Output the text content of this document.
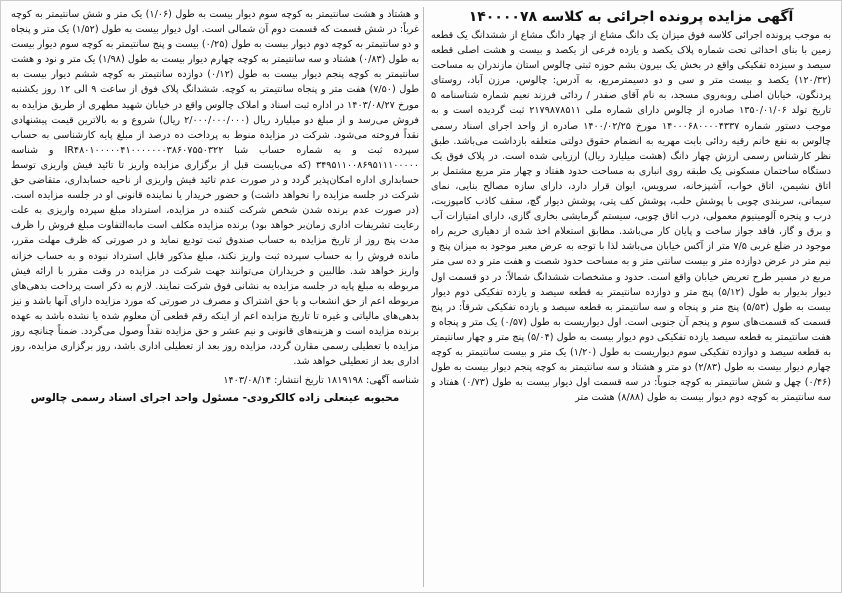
آگهی مزایده پرونده اجرائی به کلاسه ۱۴۰۰۰۰۷۸

به موجب پرونده اجرائی کلاسه فوق میزان یک دانگ مشاع از چهار دانگ مشاع از ششدانگ یک قطعه زمین با بنای احداثی تحت شماره پلاک یکصد و یازده فرعی از یکصد و بیست و هشت اصلی قطعه سیصد و سیزده تفکیکی واقع در بخش یک بیرون بشم حوزه ثبتی چالوس استان مازندران به مساحت (۱۲۰/۳۲) یکصد و بیست متر و سی و دو دسیمترمربع، به آدرس: چالوس، مرزن آباد، روستای پردنگون، خیابان اصلی روبه‌روی مسجد، به نام آقای صفدر / ردائی فرزند نعیم شماره شناسنامه ۵ تاریخ تولد ۱۳۵۰/۰۱/۰۶ صادره از چالوس دارای شماره ملی ۲۱۷۹۸۷۸۵۱۱ ثبت گردیده است و به موجب دستور شماره ۱۴۰۰۰۶۸۰۰۰۰۴۳۳۷ مورخ ۱۴۰۰/۰۲/۲۵ صادره از واحد اجرای اسناد رسمی چالوس به نفع خانم رقیه ردائی بابت مهریه به انضمام حقوق دولتی متعلقه بازداشت می‌باشد. طبق نظر کارشناس رسمی ارزش چهار دانگ (هشت میلیارد ریال) ارزیابی شده است. در پلاک فوق یک دستگاه ساختمان مسکونی یک طبقه روی انباری به مساحت حدود هفتاد و چهار متر مربع مشتمل بر اتاق نشیمن، اتاق خواب، آشپزخانه، سرویس، ایوان قرار دارد، دارای سازه مصالح بنایی، نمای سیمانی، سربندی چوبی با پوشش حلب، پوشش کف پتی، پوشش دیوار گچ، سقف کاذب کامپوزیت، درب و پنجره آلومینیوم معمولی، درب اتاق چوبی، سیستم گرمایشی بخاری گازی، دارای امتیازات آب و برق و گاز، فاقد جواز ساخت و پایان کار می‌باشد. مطابق استعلام اخذ شده از دهیاری حریم راه موجود در ضلع غربی ۷/۵ متر از آکس خیابان می‌باشد لذا با توجه به عرض معبر موجود به میزان پنج و نیم متر در عرض دوازده متر و بیست سانتی متر و به مساحت حدود شصت و هفت متر و ده سی متر مربع در مسیر طرح تعریض خیابان واقع است. حدود و مشخصات ششدانگ شمالاً: در دو قسمت اول دیوار بدیوار به طول (۵/۱۲) پنج متر و دوازده سانتیمتر به قطعه سیصد و یازده تفکیکی دوم دیوار بیست به طول (۵/۵۳) پنج متر و پنجاه و سه سانتیمتر به قطعه سیصد و یازده تفکیکی شرقاً: در پنج قسمت که قسمت‌های سوم و پنجم آن جنوبی است. اول دیواریست به طول (۰/۵۷) یک متر و پنجاه و هفت سانتیمتر به قطعه سیصد یازده تفکیکی دوم دیوار بیست به طول (۵/۰۴) پنج متر و چهار سانتیمتر به قطعه سیصد و دوازده تفکیکی سوم دیواریست به طول (۱/۲۰) یک متر و بیست سانتیمتر به کوچه چهارم دیوار بیست به طول (۲/۸۳) دو متر و هشتاد و سه سانتیمتر به کوچه پنجم دیوار بیست به طول (۰/۴۶) چهل و شش سانتیمتر به کوچه جنوباً: در سه قسمت اول دیوار بیست به طول (۰/۷۳) هفتاد و سه سانتیمتر به کوچه دوم دیوار بیست به طول (۸/۸۸) هشت متر

و هشتاد و هشت سانتیمتر به کوچه سوم دیوار بیست به طول (۱/۰۶) یک متر و شش سانتیمتر به کوچه غرباً: در شش قسمت که قسمت دوم آن شمالی است. اول دیوار بیست به طول (۱/۵۲) یک متر و پنجاه و دو سانتیمتر به کوچه دوم دیوار بیست به طول (۰/۲۵) بیست و پنج سانتیمتر به کوچه سوم دیوار بیست به طول (۰/۸۳) هشتاد و سه سانتیمتر به کوچه چهارم دیوار بیست به طول (۱/۹۸) یک متر و نود و هشت سانتیمتر به کوچه پنجم دیوار بیست به طول (۰/۱۲) دوازده سانتیمتر به کوچه ششم دیوار بیست به طول (۷/۵۰) هفت متر و پنجاه سانتیمتر به کوچه. ششدانگ پلاک فوق از ساعت ۹ الی ۱۲ روز یکشنبه مورخ ۱۴۰۳/۰۸/۲۷ در اداره ثبت اسناد و املاک چالوس واقع در خیابان شهید مطهری از طریق مزایده به فروش می‌رسد و از مبلغ دو میلیارد ریال (۲/۰۰۰/۰۰۰/۰۰۰ ریال) شروع و به بالاترین قیمت پیشنهادی نقداً فروخته می‌شود. شرکت در مزایده منوط به پرداخت ده درصد از مبلغ پایه کارشناسی به حساب سپرده ثبت و به شماره حساب شبا IR۴۸۰۱۰۰۰۰۰۴۱۰۰۰۰۰۰۰۳۸۶۰۷۵۵۰۳۲۲ و شناسه ۳۴۹۵۱۱۰۰۸۶۹۵۱۱۱۰۰۰۰۰ (که می‌بایست قبل از برگزاری مزایده واریز تا تائید فیش واریزی توسط حسابداری اداره امکان‌پذیر گردد و در صورت عدم تائید فیش واریزی از ناحیه حسابداری، متقاضی حق شرکت در جلسه مزایده را نخواهد داشت) و حضور خریدار یا نماینده قانونی او در جلسه مزایده است. (در صورت عدم برنده شدن شخص شرکت کننده در مزایده، استرداد مبلغ سپرده واریزی به علت رعایت تشریفات اداری زمان‌بر خواهد بود) برنده مزایده مکلف است مابه‌التفاوت مبلغ فروش را ظرف مدت پنج روز از تاریخ مزایده به حساب صندوق ثبت تودیع نماید و در صورتی که ظرف مهلت مقرر، مانده فروش را به حساب سپرده ثبت واریز نکند، مبلغ مذکور قابل استرداد نبوده و به حساب خزانه واریز خواهد شد. طالبین و خریداران می‌توانند جهت شرکت در مزایده در وقت مقرر با ارائه فیش مربوطه به مبلغ پایه در جلسه مزایده به نشانی فوق شرکت نمایند. لازم به ذکر است پرداخت بدهی‌های مربوطه اعم از حق انشعاب و یا حق اشتراک و مصرف در صورتی که مورد مزایده دارای آنها باشد و نیز بدهی‌های مالیاتی و غیره تا تاریخ مزایده اعم از اینکه رقم قطعی آن معلوم شده یا نشده باشد به عهده برنده مزایده است و هزینه‌های قانونی و نیم عشر و حق مزایده نقداً وصول می‌گردد. ضمناً چنانچه روز مزایده با تعطیلی رسمی مقارن گردد، مزایده روز بعد از تعطیلی اداری باشد، روز برگزاری مزایده، روز اداری بعد از تعطیلی خواهد شد.

شناسه آگهی: ۱۸۱۹۱۹۸ تاریخ انتشار: ۱۴۰۳/۰۸/۱۴

محبوبه عینعلی زاده کالکرودی- مسئول واحد اجرای اسناد رسمی چالوس
